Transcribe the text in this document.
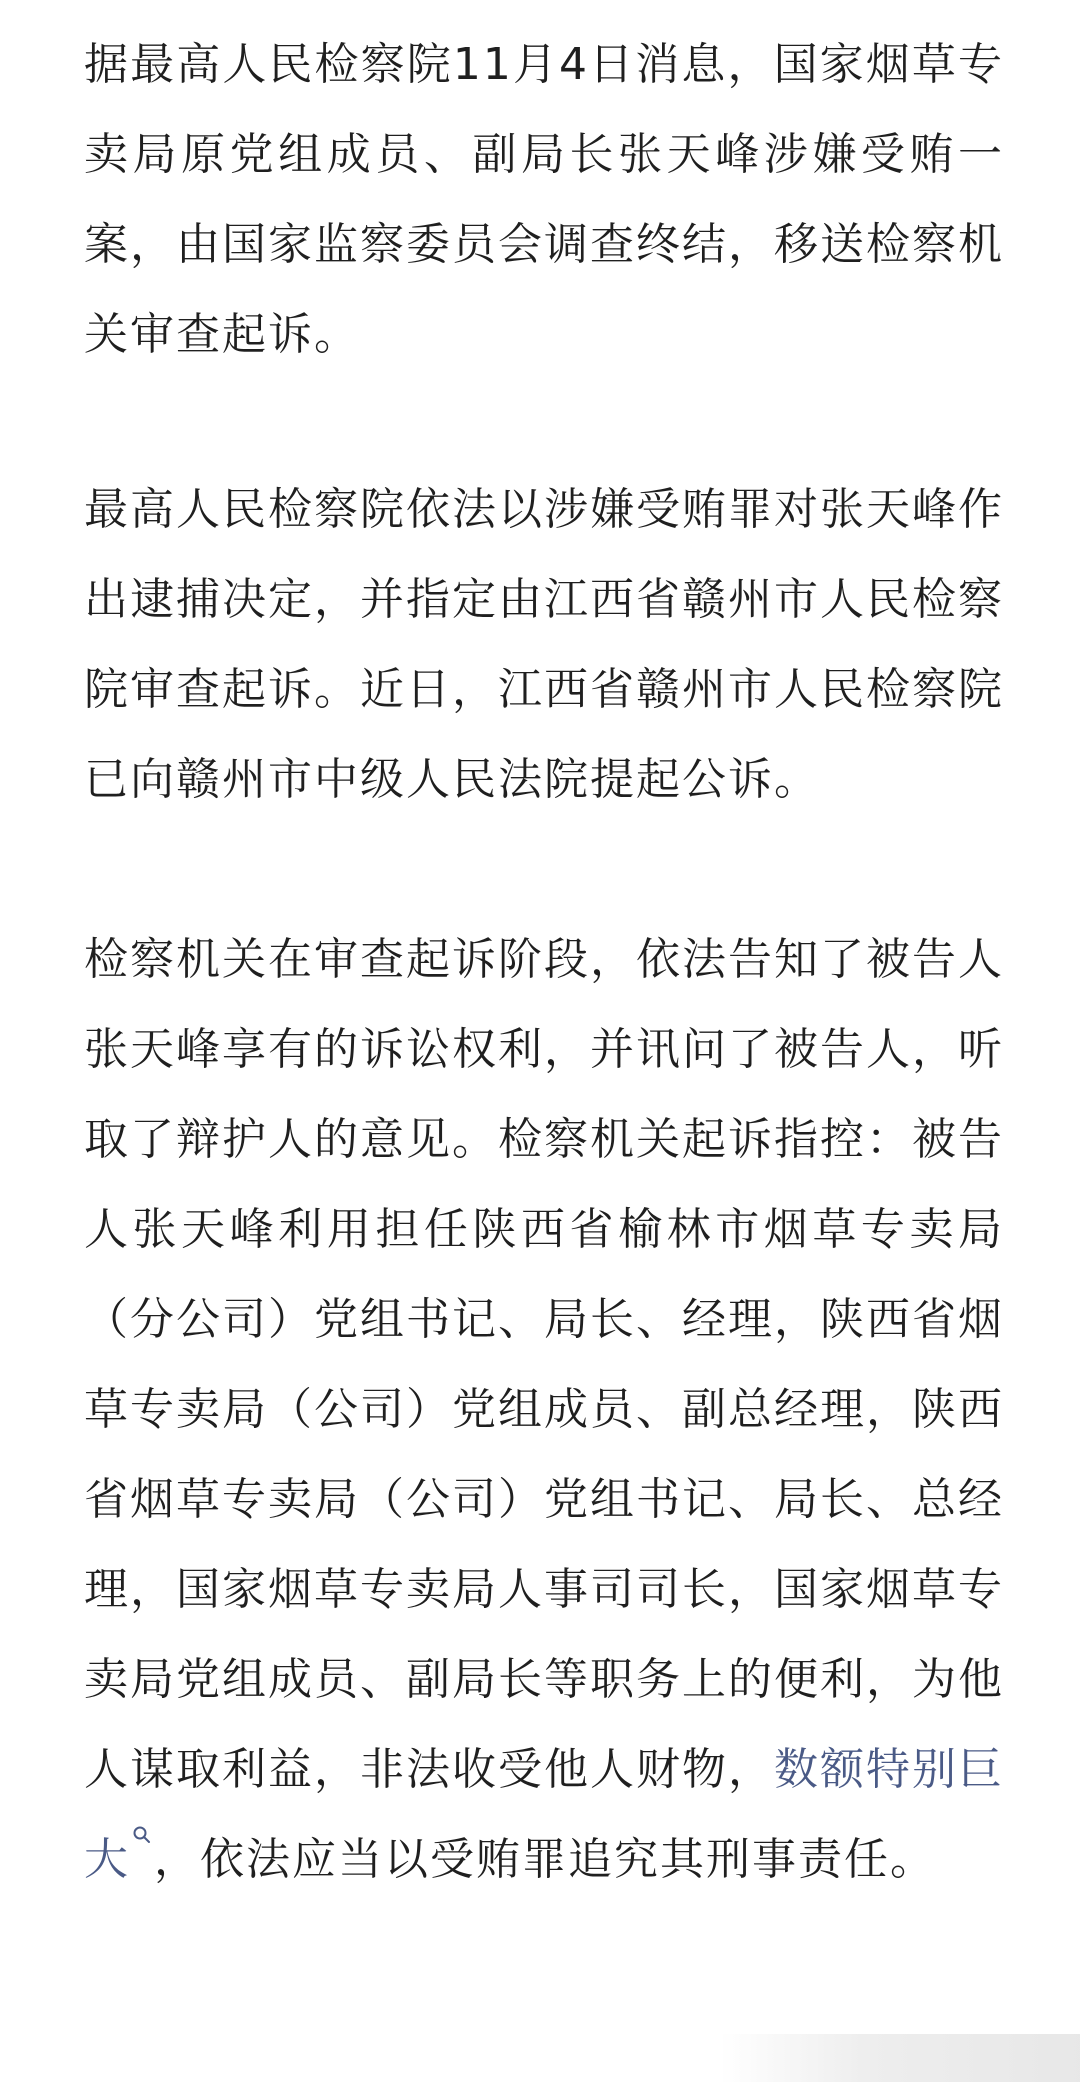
据最高人民检察院11月4日消息，国家烟草专卖局原党组成员、副局长张天峰涉嫌受贿一案，由国家监察委员会调查终结，移送检察机关审查起诉。

最高人民检察院依法以涉嫌受贿罪对张天峰作出逮捕决定，并指定由江西省赣州市人民检察院审查起诉。近日，江西省赣州市人民检察院已向赣州市中级人民法院提起公诉。

检察机关在审查起诉阶段，依法告知了被告人张天峰享有的诉讼权利，并讯问了被告人，听取了辩护人的意见。检察机关起诉指控：被告人张天峰利用担任陕西省榆林市烟草专卖局（分公司）党组书记、局长、经理，陕西省烟草专卖局（公司）党组成员、副总经理，陕西省烟草专卖局（公司）党组书记、局长、总经理，国家烟草专卖局人事司司长，国家烟草专卖局党组成员、副局长等职务上的便利，为他人谋取利益，非法收受他人财物，数额特别巨大 ，依法应当以受贿罪追究其刑事责任。
